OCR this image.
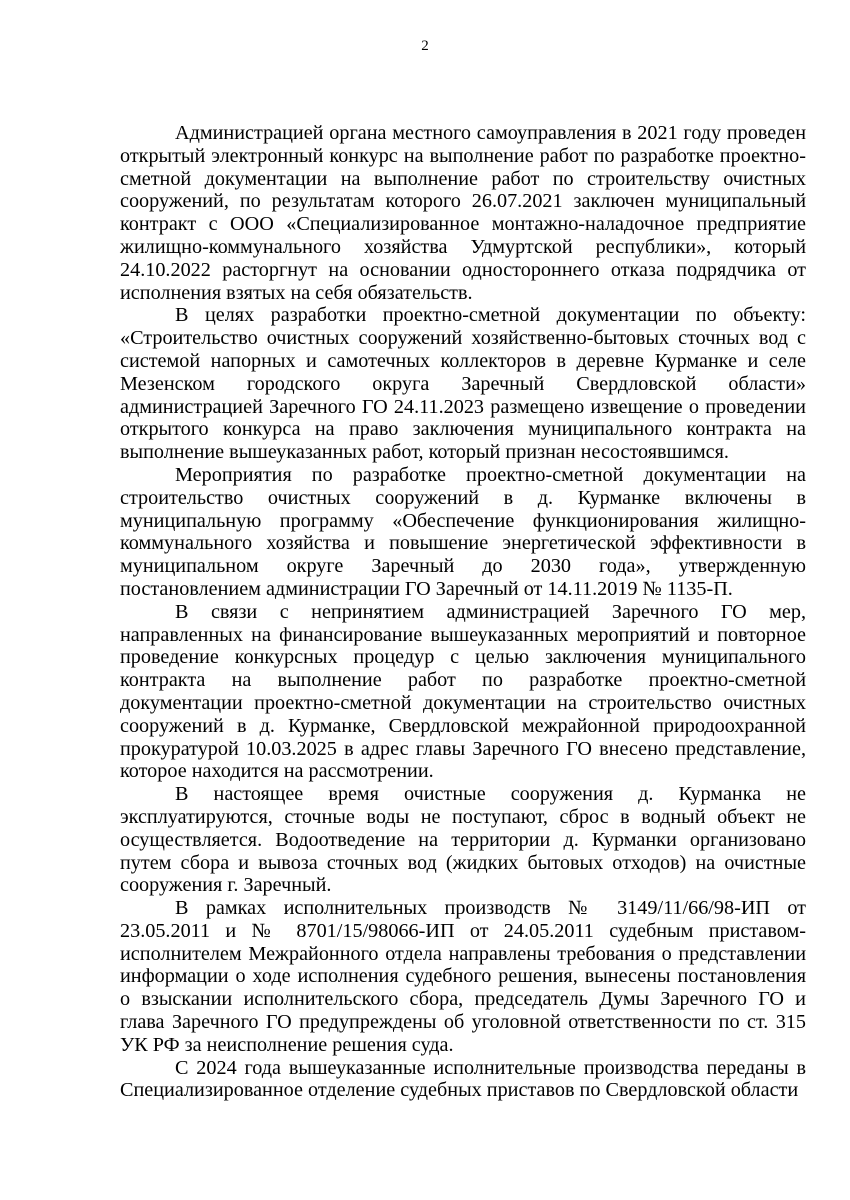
2

Администрацией органа местного самоуправления в 2021 году проведен открытый электронный конкурс на выполнение работ по разработке проектно-сметной документации на выполнение работ по строительству очистных сооружений, по результатам которого 26.07.2021 заключен муниципальный контракт с ООО «Специализированное монтажно-наладочное предприятие жилищно-коммунального хозяйства Удмуртской республики», который 24.10.2022 расторгнут на основании одностороннего отказа подрядчика от исполнения взятых на себя обязательств.

В целях разработки проектно-сметной документации по объекту: «Строительство очистных сооружений хозяйственно-бытовых сточных вод с системой напорных и самотечных коллекторов в деревне Курманке и селе Мезенском городского округа Заречный Свердловской области» администрацией Заречного ГО 24.11.2023 размещено извещение о проведении открытого конкурса на право заключения муниципального контракта на выполнение вышеуказанных работ, который признан несостоявшимся.

Мероприятия по разработке проектно-сметной документации на строительство очистных сооружений в д. Курманке включены в муниципальную программу «Обеспечение функционирования жилищно-коммунального хозяйства и повышение энергетической эффективности в муниципальном округе Заречный до 2030 года», утвержденную постановлением администрации ГО Заречный от 14.11.2019 № 1135-П.

В связи с непринятием администрацией Заречного ГО мер, направленных на финансирование вышеуказанных мероприятий и повторное проведение конкурсных процедур с целью заключения муниципального контракта на выполнение работ по разработке проектно-сметной документации проектно-сметной документации на строительство очистных сооружений в д. Курманке, Свердловской межрайонной природоохранной прокуратурой 10.03.2025 в адрес главы Заречного ГО внесено представление, которое находится на рассмотрении.

В настоящее время очистные сооружения д. Курманка не эксплуатируются, сточные воды не поступают, сброс в водный объект не осуществляется. Водоотведение на территории д. Курманки организовано путем сбора и вывоза сточных вод (жидких бытовых отходов) на очистные сооружения г. Заречный.

В рамках исполнительных производств № 3149/11/66/98-ИП от 23.05.2011 и № 8701/15/98066-ИП от 24.05.2011 судебным приставом-исполнителем Межрайонного отдела направлены требования о представлении информации о ходе исполнения судебного решения, вынесены постановления о взыскании исполнительского сбора, председатель Думы Заречного ГО и глава Заречного ГО предупреждены об уголовной ответственности по ст. 315 УК РФ за неисполнение решения суда.

С 2024 года вышеуказанные исполнительные производства переданы в Специализированное отделение судебных приставов по Свердловской области
